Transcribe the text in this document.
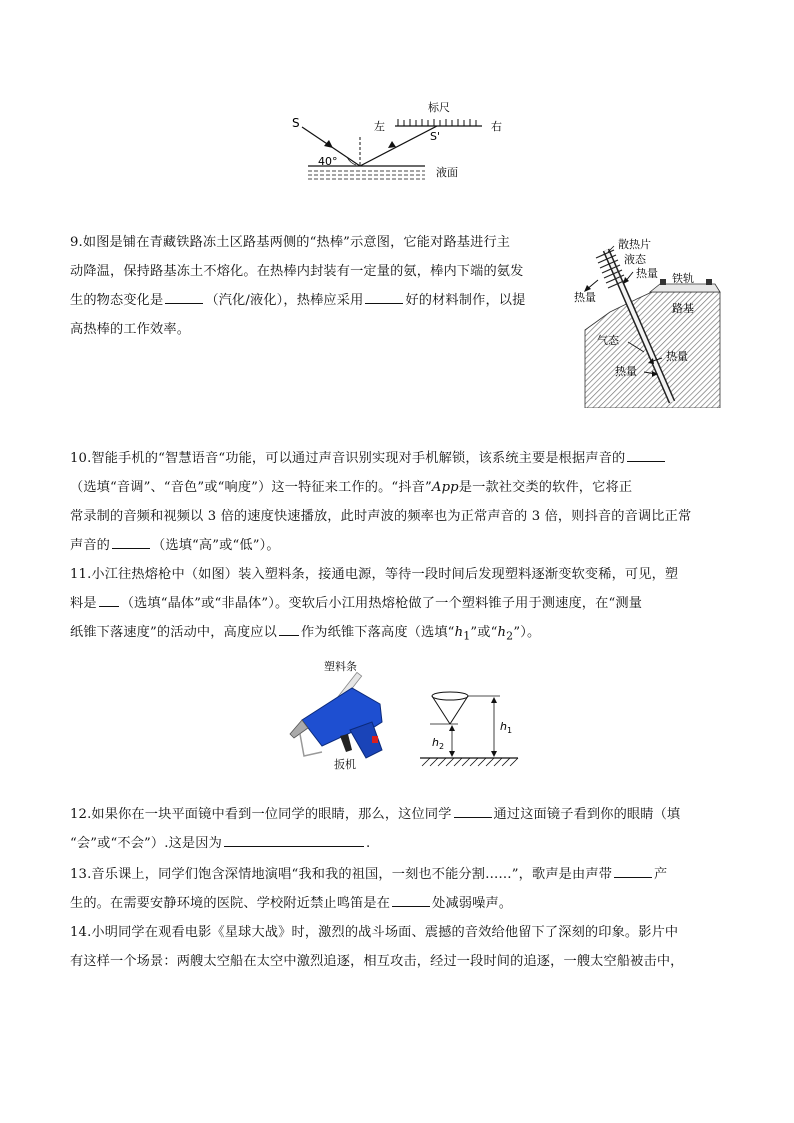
S
40°
标尺
左	右
S'
液面

9.如图是铺在青藏铁路冻土区路基两侧的“热棒”示意图，它能对路基进行主

动降温，保持路基冻土不熔化。在热棒内封装有一定量的氨，棒内下端的氨发

生的物态变化是	（汽化/液化），热棒应采用	好的材料制作，以提

高热棒的工作效率。

散热片
液态
热量 铁轨
热量
路基
气态
热量
热量

10.智能手机的“智慧语音“功能，可以通过声音识别实现对手机解锁，该系统主要是根据声音的

（选填“音调”、“音色”或“响度”）这一特征来工作的。“抖音”App是一款社交类的软件，它将正

常录制的音频和视频以 3 倍的速度快速播放，此时声波的频率也为正常声音的 3 倍，则抖音的音调比正常

声音的	（选填“高”或“低”）。

11.小江往热熔枪中（如图）装入塑料条，接通电源，等待一段时间后发现塑料逐渐变软变稀，可见，塑

料是 （选填“晶体”或“非晶体”）。变软后小江用热熔枪做了一个塑料锥子用于测速度，在“测量

纸锥下落速度”的活动中，高度应以 作为纸锥下落高度（选填“$h_1$”或“$h_2$”）。

塑料条
扳机
h 2
h 1

12.如果你在一块平面镜中看到一位同学的眼睛，那么，这位同学	通过这面镜子看到你的眼睛（填

“会”或“不会”）.这是因为	.

13.音乐课上，同学们饱含深情地演唱“我和我的祖国，一刻也不能分割……”，歌声是由声带	产

生的。在需要安静环境的医院、学校附近禁止鸣笛是在	处减弱噪声。

14.小明同学在观看电影《星球大战》时，激烈的战斗场面、震撼的音效给他留下了深刻的印象。影片中

有这样一个场景：两艘太空船在太空中激烈追逐，相互攻击，经过一段时间的追逐，一艘太空船被击中，
